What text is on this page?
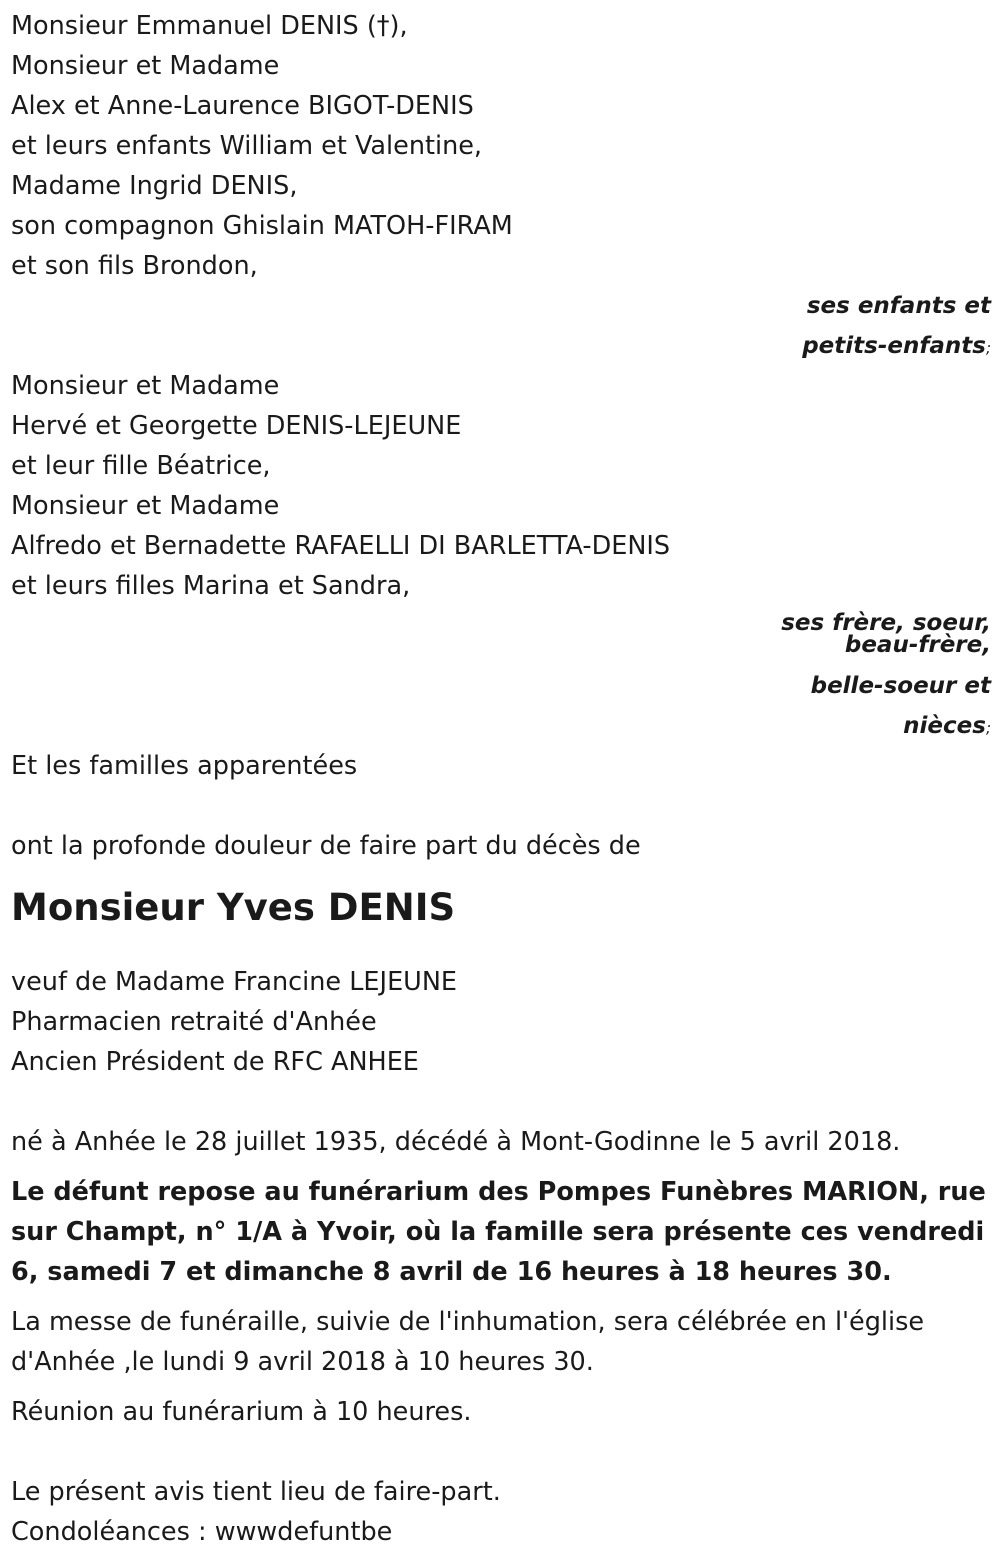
Monsieur Emmanuel DENIS (†),
Monsieur et Madame
Alex et Anne-Laurence BIGOT-DENIS
et leurs enfants William et Valentine,
Madame Ingrid DENIS,
son compagnon Ghislain MATOH-FIRAM
et son fils Brondon,
ses enfants et
petits-enfants;
Monsieur et Madame
Hervé et Georgette DENIS-LEJEUNE
et leur fille Béatrice,
Monsieur et Madame
Alfredo et Bernadette RAFAELLI DI BARLETTA-DENIS
et leurs filles Marina et Sandra,
ses frère, soeur,
beau-frère,
belle-soeur et
nièces;
Et les familles apparentées
ont la profonde douleur de faire part du décès de
Monsieur Yves DENIS
veuf de Madame Francine LEJEUNE
Pharmacien retraité d'Anhée
Ancien Président de RFC ANHEE
né à Anhée le 28 juillet 1935, décédé à Mont-Godinne le 5 avril 2018.
Le défunt repose au funérarium des Pompes Funèbres MARION, rue sur Champt, n° 1/A à Yvoir, où la famille sera présente ces vendredi 6, samedi 7 et dimanche 8 avril de 16 heures à 18 heures 30.
La messe de funéraille, suivie de l'inhumation, sera célébrée en l'église d'Anhée ,le lundi 9 avril 2018 à 10 heures 30.
Réunion au funérarium à 10 heures.
Le présent avis tient lieu de faire-part.
Condoléances : wwwdefuntbe
